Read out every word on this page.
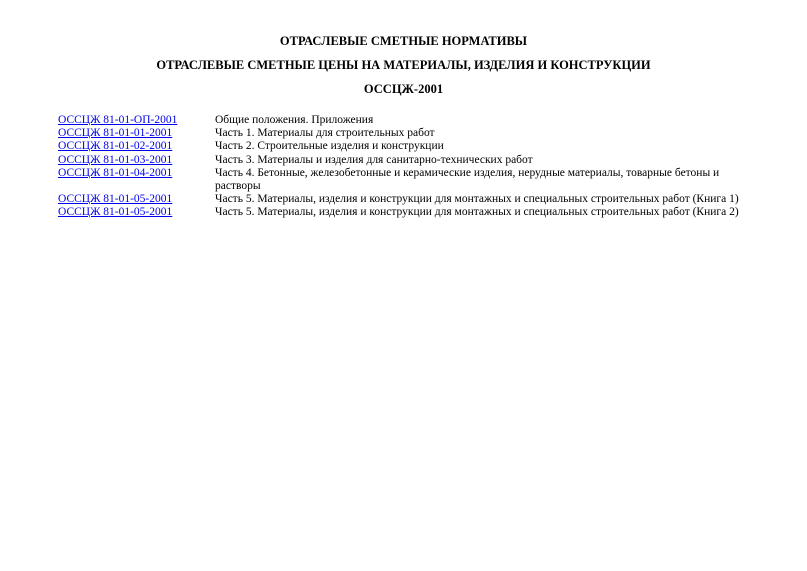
ОТРАСЛЕВЫЕ СМЕТНЫЕ НОРМАТИВЫ
ОТРАСЛЕВЫЕ СМЕТНЫЕ ЦЕНЫ НА МАТЕРИАЛЫ, ИЗДЕЛИЯ И КОНСТРУКЦИИ
ОССЦЖ-2001
ОССЦЖ 81-01-ОП-2001	Общие положения. Приложения
ОССЦЖ 81-01-01-2001	Часть 1. Материалы для строительных работ
ОССЦЖ 81-01-02-2001	Часть 2. Строительные изделия и конструкции
ОССЦЖ 81-01-03-2001	Часть 3. Материалы и изделия для санитарно-технических работ
ОССЦЖ 81-01-04-2001	Часть 4. Бетонные, железобетонные и керамические изделия, нерудные материалы, товарные бетоны и растворы
ОССЦЖ 81-01-05-2001	Часть 5. Материалы, изделия и конструкции для монтажных и специальных строительных работ (Книга 1)
ОССЦЖ 81-01-05-2001	Часть 5. Материалы, изделия и конструкции для монтажных и специальных строительных работ (Книга 2)
